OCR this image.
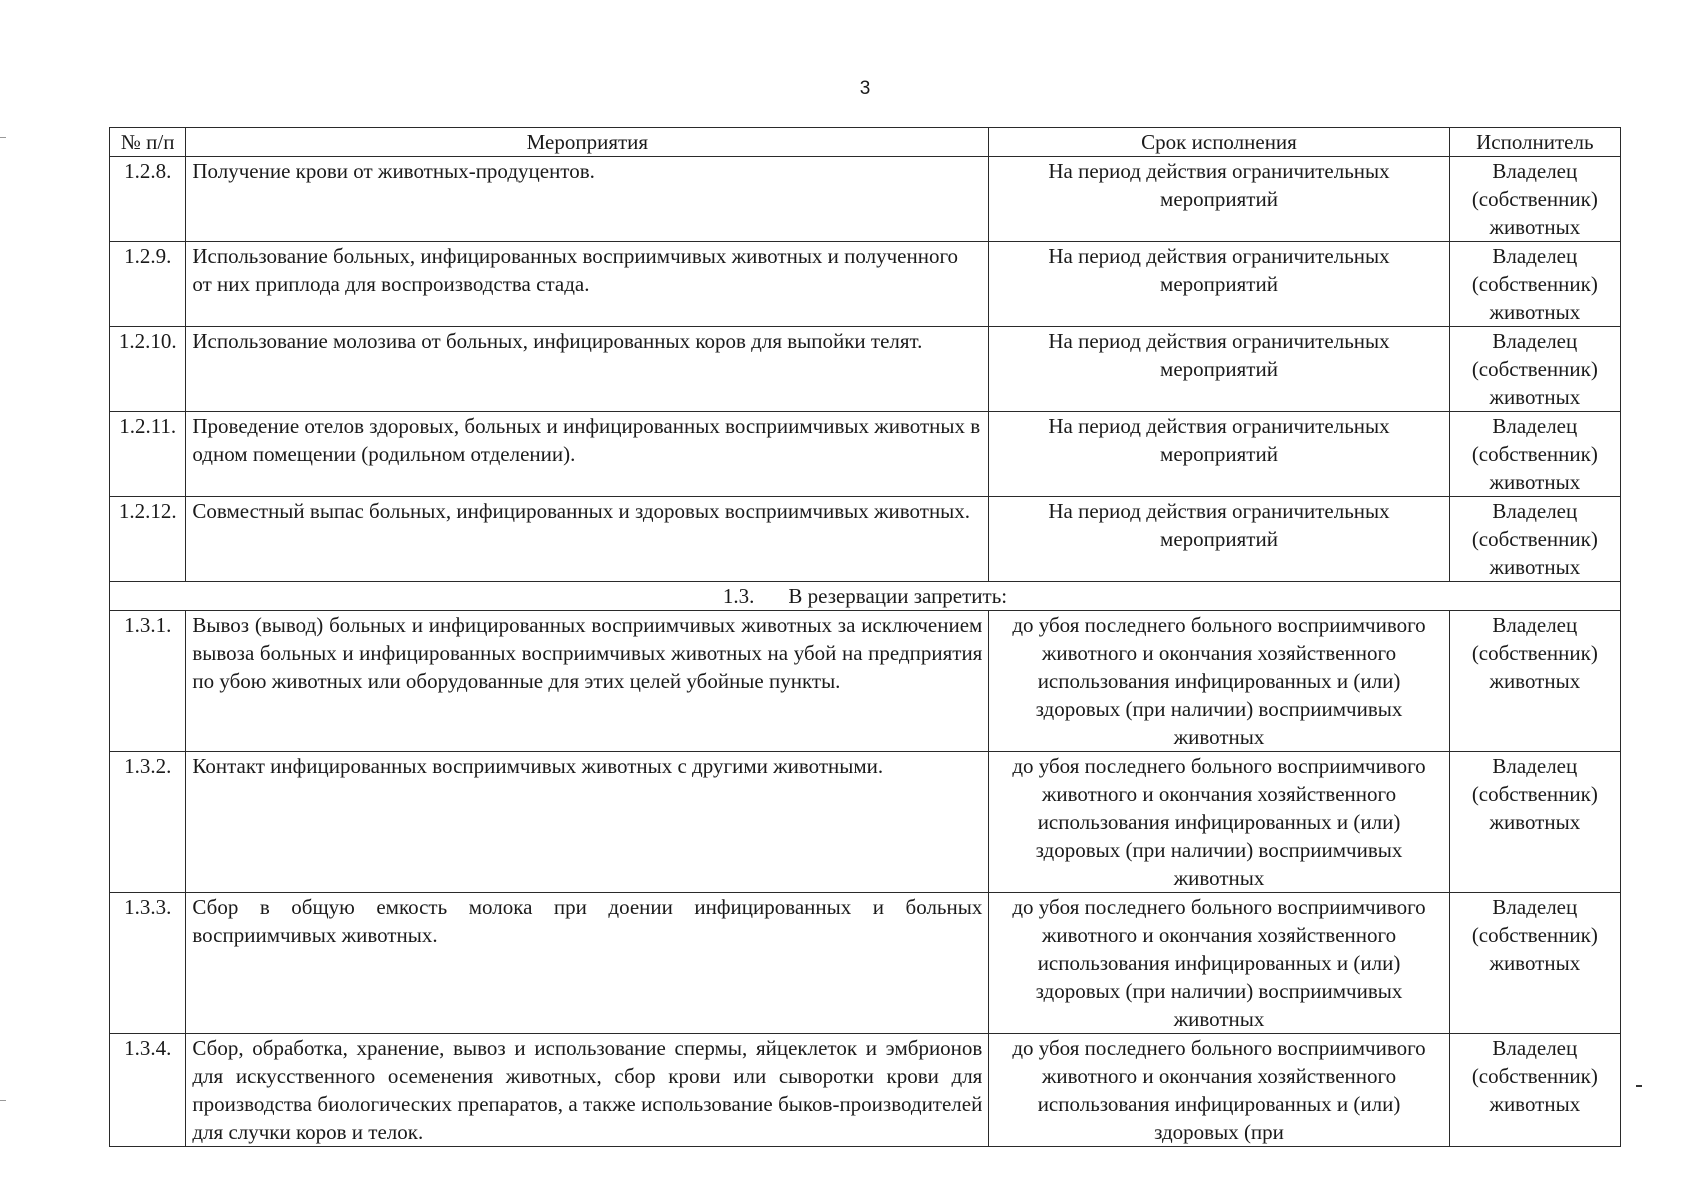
3
№ п/п	Мероприятия	Срок исполнения	Исполнитель
1.2.8.	Получение крови от животных-продуцентов.	На период действия ограничительных мероприятий	Владелец (собственник) животных
1.2.9.	Использование больных, инфицированных восприимчивых животных и полученного от них приплода для воспроизводства стада.	На период действия ограничительных мероприятий	Владелец (собственник) животных
1.2.10.	Использование молозива от больных, инфицированных коров для выпойки телят.	На период действия ограничительных мероприятий	Владелец (собственник) животных
1.2.11.	Проведение отелов здоровых, больных и инфицированных восприимчивых животных в одном помещении (родильном отделении).	На период действия ограничительных мероприятий	Владелец (собственник) животных
1.2.12.	Совместный выпас больных, инфицированных и здоровых восприимчивых животных.	На период действия ограничительных мероприятий	Владелец (собственник) животных
1.3. В резервации запретить:			
1.3.1.	Вывоз (вывод) больных и инфицированных восприимчивых животных за исключением вывоза больных и инфицированных восприимчивых животных на убой на предприятия по убою животных или оборудованные для этих целей убойные пункты.	до убоя последнего больного восприимчивого животного и окончания хозяйственного использования инфицированных и (или) здоровых (при наличии) восприимчивых животных	Владелец (собственник) животных
1.3.2.	Контакт инфицированных восприимчивых животных с другими животными.	до убоя последнего больного восприимчивого животного и окончания хозяйственного использования инфицированных и (или) здоровых (при наличии) восприимчивых животных	Владелец (собственник) животных
1.3.3.	Сбор в общую емкость молока при доении инфицированных и больных восприимчивых животных.	до убоя последнего больного восприимчивого животного и окончания хозяйственного использования инфицированных и (или) здоровых (при наличии) восприимчивых животных	Владелец (собственник) животных
1.3.4.	Сбор, обработка, хранение, вывоз и использование спермы, яйцеклеток и эмбрионов для искусственного осеменения животных, сбор крови или сыворотки крови для производства биологических препаратов, а также использование быков-производителей для случки коров и телок.	до убоя последнего больного восприимчивого животного и окончания хозяйственного использования инфицированных и (или) здоровых (при	Владелец (собственник) животных
